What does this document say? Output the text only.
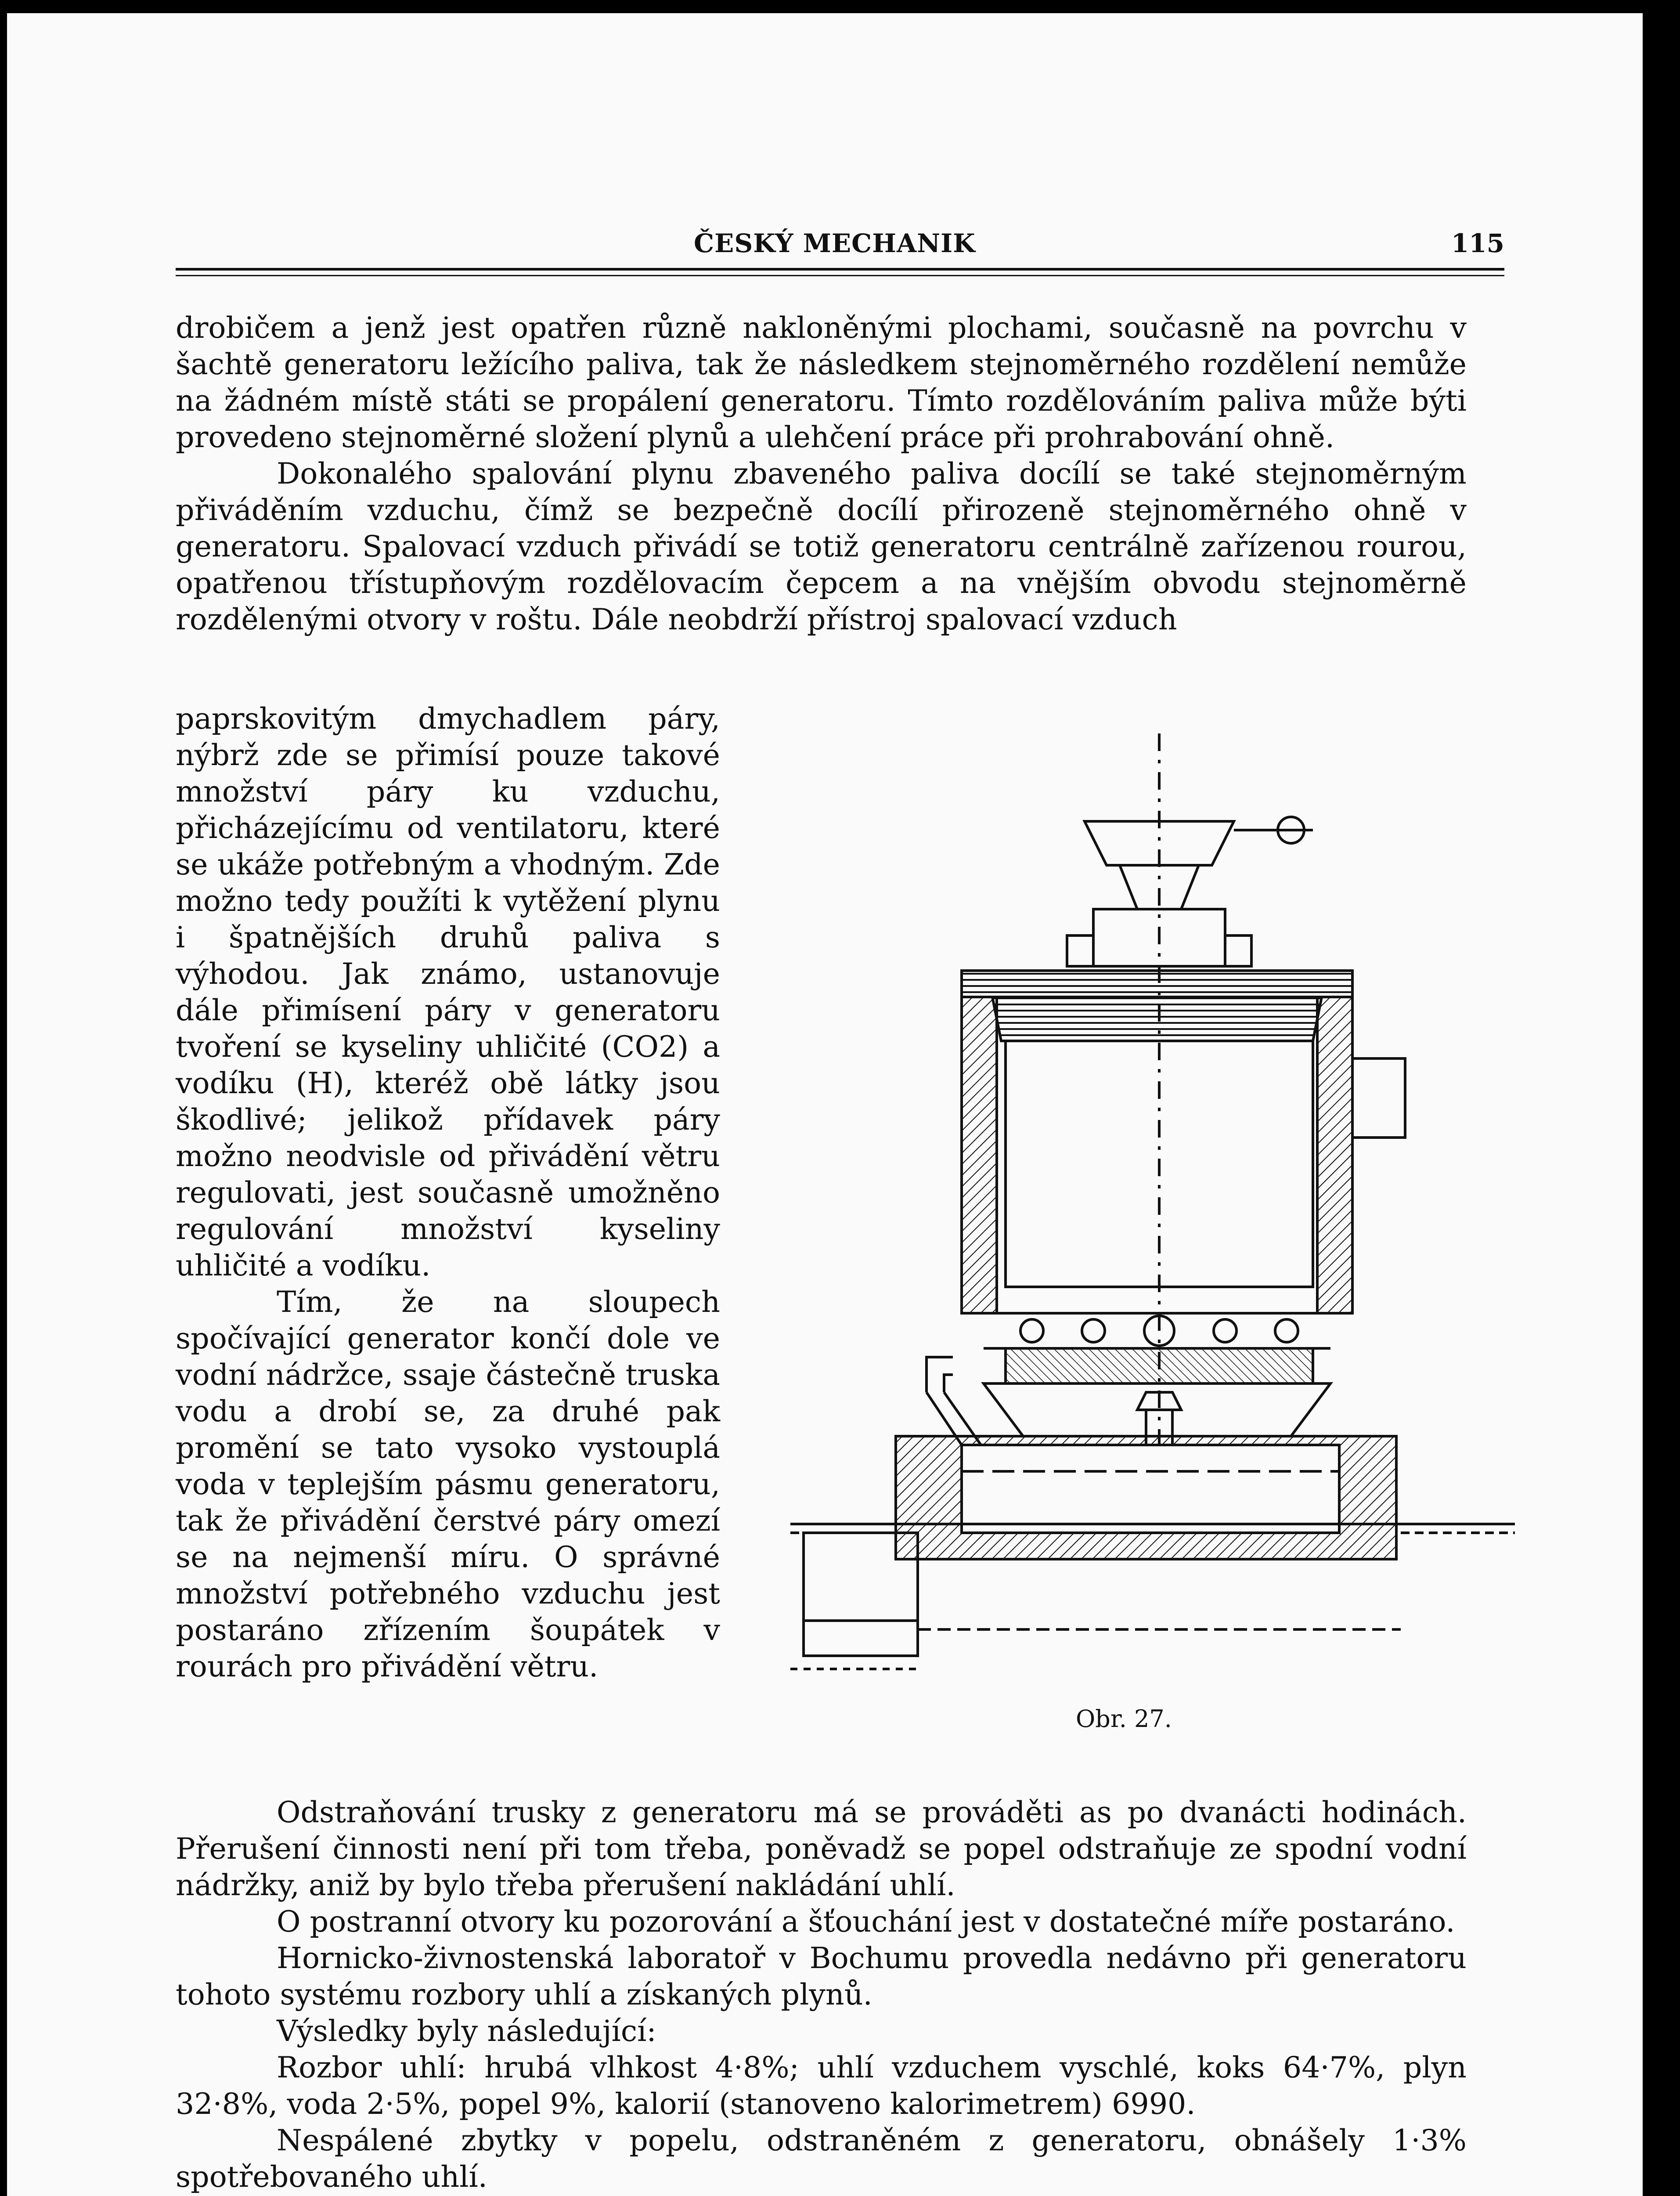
ČESKÝ MECHANIK	115

drobičem a jenž jest opatřen různě nakloněnými plochami, současně na povrchu v šachtě generatoru ležícího paliva, tak že následkem stejnoměrného rozdělení nemůže na žádném místě státi se propálení generatoru. Tímto rozdělováním paliva může býti provedeno stejnoměrné složení plynů a ulehčení práce při prohrabování ohně.

Dokonalého spalování plynu zbaveného paliva docílí se také stejnoměrným přiváděním vzduchu, čímž se bezpečně docílí přirozeně stejnoměrného ohně v generatoru. Spalovací vzduch přivádí se totiž generatoru centrálně zařízenou rourou, opatřenou třístupňovým rozdělovacím čepcem a na vnějším obvodu stejnoměrně rozdělenými otvory v roštu. Dále neobdrží přístroj spalovací vzduch

paprskovitým dmychadlem páry, nýbrž zde se přimísí pouze takové množství páry ku vzduchu, přicházejícímu od ventilatoru, které se ukáže potřebným a vhodným. Zde možno tedy použíti k vytěžení plynu i špatnějších druhů paliva s výhodou. Jak známo, ustanovuje dále přimísení páry v generatoru tvoření se kyseliny uhličité (CO2) a vodíku (H), kteréž obě látky jsou škodlivé; jelikož přídavek páry možno neodvisle od přivádění větru regulovati, jest současně umožněno regulování množství kyseliny uhličité a vodíku.

Tím, že na sloupech spočívající generator končí dole ve vodní nádržce, ssaje částečně truska vodu a drobí se, za druhé pak promění se tato vysoko vystouplá voda v teplejším pásmu generatoru, tak že přivádění čerstvé páry omezí se na nejmenší míru. O správné množství potřebného vzduchu jest postaráno zřízením šoupátek v rourách pro přivádění větru.

Obr. 27.

Odstraňování trusky z generatoru má se prováděti as po dvanácti hodinách. Přerušení činnosti není při tom třeba, poněvadž se popel odstraňuje ze spodní vodní nádržky, aniž by bylo třeba přerušení nakládání uhlí.

O postranní otvory ku pozorování a šťouchání jest v dostatečné míře postaráno.

Hornicko-živnostenská laboratoř v Bochumu provedla nedávno při generatoru tohoto systému rozbory uhlí a získaných plynů.

Výsledky byly následující:

Rozbor uhlí: hrubá vlhkost 4·8%; uhlí vzduchem vyschlé, koks 64·7%, plyn 32·8%, voda 2·5%, popel 9%, kalorií (stanoveno kalorimetrem) 6990.

Nespálené zbytky v popelu, odstraněném z generatoru, obnášely 1·3% spotřebovaného uhlí.
